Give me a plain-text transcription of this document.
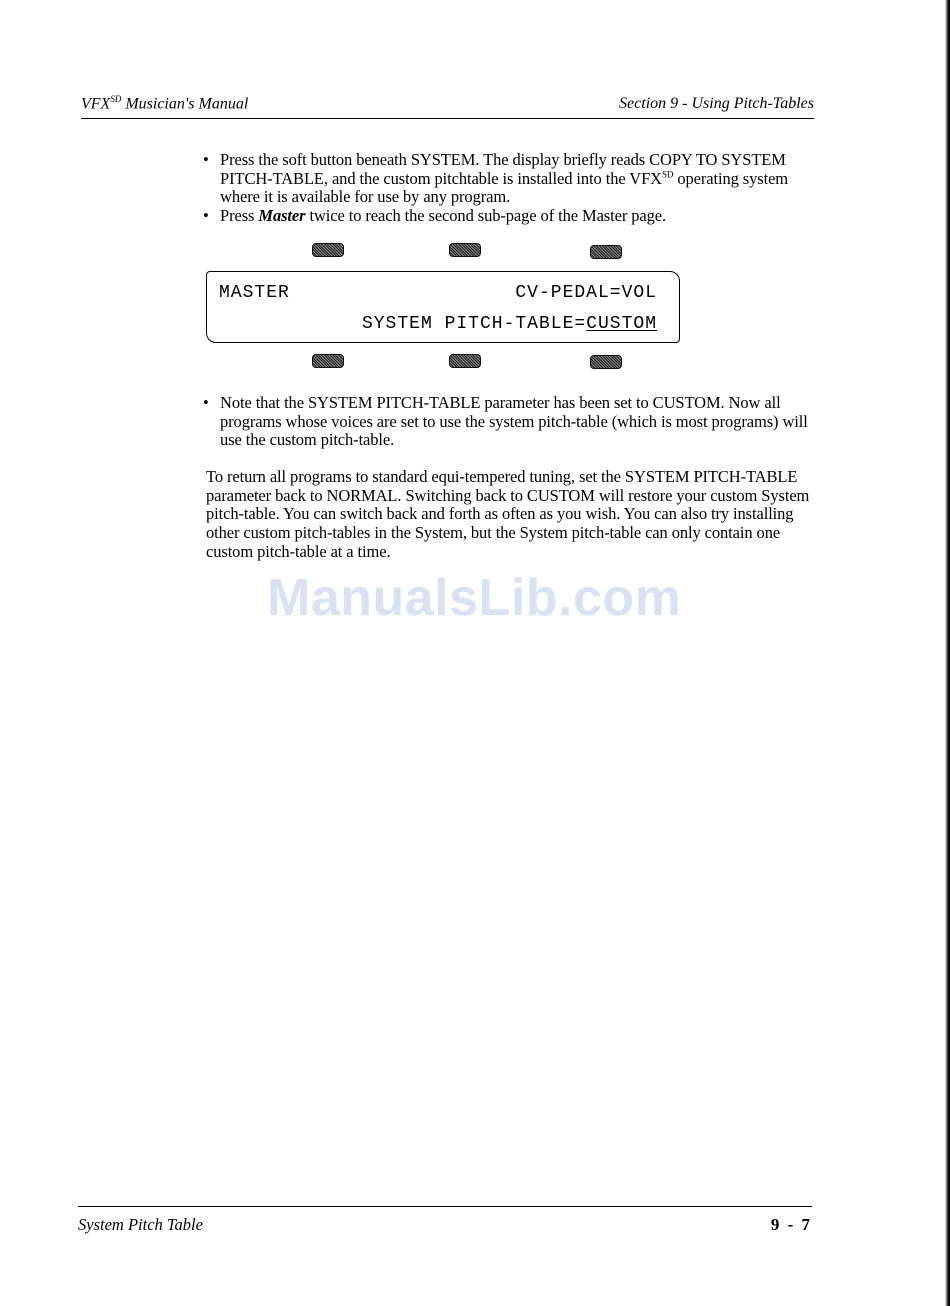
$VFX^{SD}$ Musician's Manual	Section 9 - Using Pitch-Tables
• Press the soft button beneath SYSTEM. The display briefly reads COPY TO SYSTEM PITCH-TABLE, and the custom pitchtable is installed into the $VFX^{SD}$ operating system where it is available for use by any program.
• Press Master twice to reach the second sub-page of the Master page.
MASTER	CV-PEDAL=VOL
SYSTEM PITCH-TABLE=CUSTOM
• Note that the SYSTEM PITCH-TABLE parameter has been set to CUSTOM. Now all programs whose voices are set to use the system pitch-table (which is most programs) will use the custom pitch-table.
To return all programs to standard equi-tempered tuning, set the SYSTEM PITCH-TABLE parameter back to NORMAL. Switching back to CUSTOM will restore your custom System pitch-table. You can switch back and forth as often as you wish. You can also try installing other custom pitch-tables in the System, but the System pitch-table can only contain one custom pitch-table at a time.
ManualsLib.com
System Pitch Table	9 - 7
